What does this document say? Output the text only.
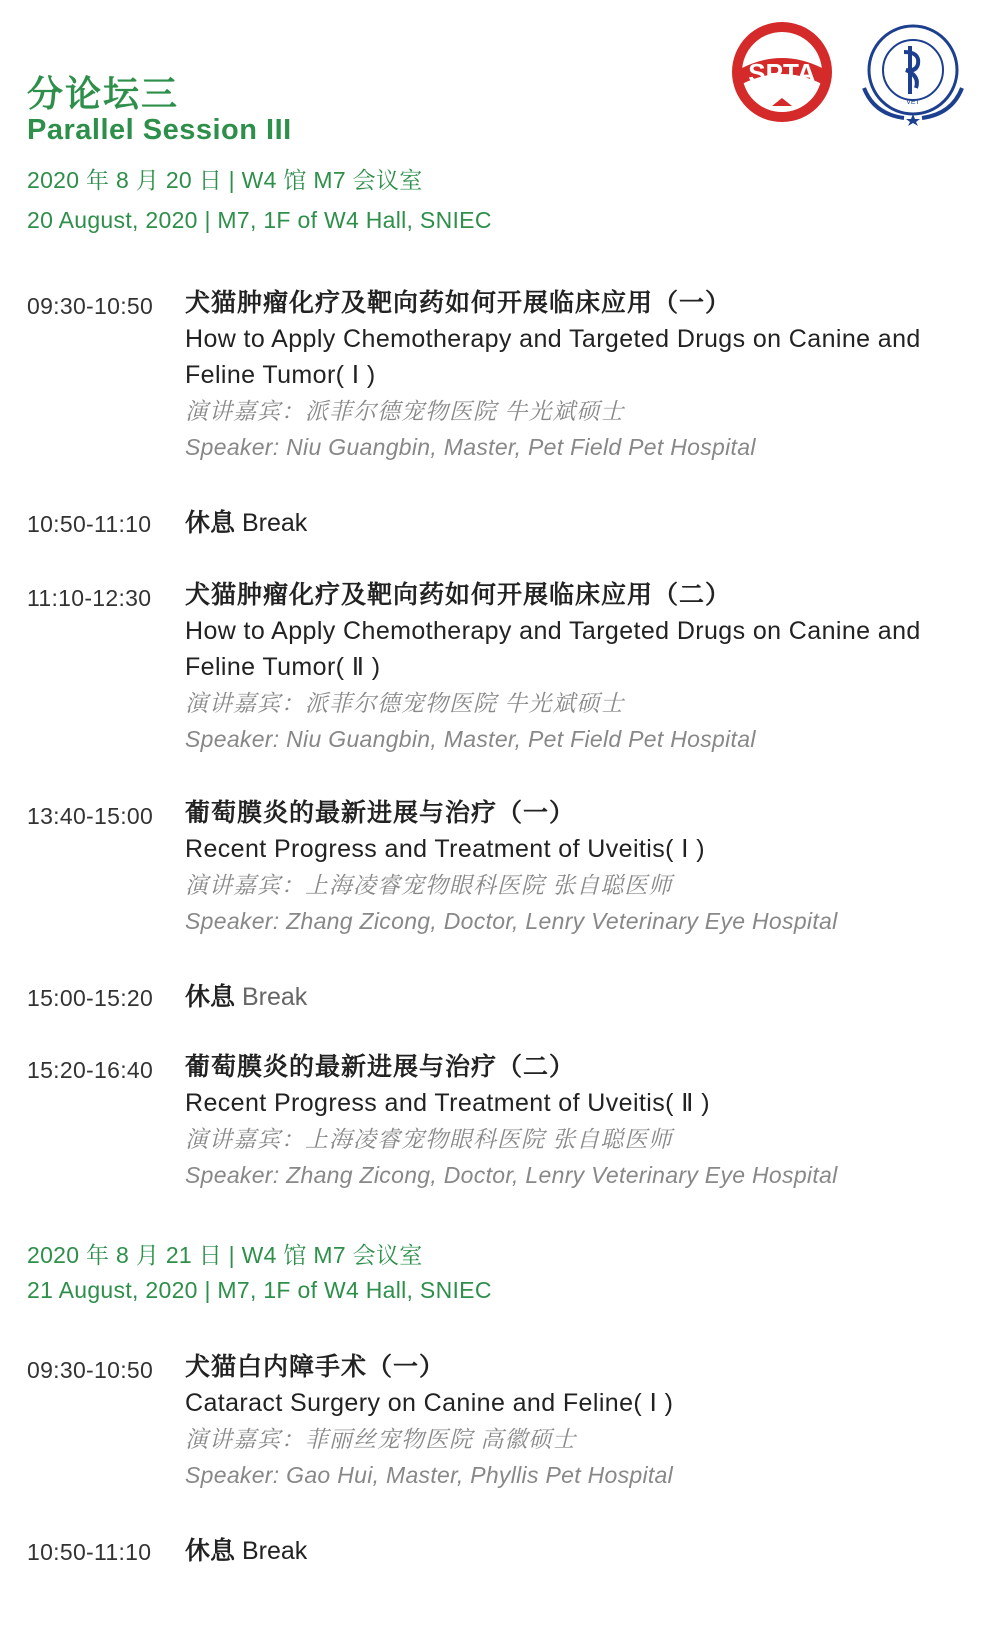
分论坛三
Parallel Session III
2020 年 8 月 20 日 | W4 馆 M7 会议室
20 August, 2020 | M7, 1F of W4 Hall, SNIEC
SPTA
VET
09:30-10:50 犬猫肿瘤化疗及靶向药如何开展临床应用（一）
How to Apply Chemotherapy and Targeted Drugs on Canine and Feline Tumor( Ⅰ )
演讲嘉宾：派菲尔德宠物医院 牛光斌硕士
Speaker: Niu Guangbin, Master, Pet Field Pet Hospital
10:50-11:10 休息 Break
11:10-12:30 犬猫肿瘤化疗及靶向药如何开展临床应用（二）
How to Apply Chemotherapy and Targeted Drugs on Canine and Feline Tumor( Ⅱ )
演讲嘉宾：派菲尔德宠物医院 牛光斌硕士
Speaker: Niu Guangbin, Master, Pet Field Pet Hospital
13:40-15:00 葡萄膜炎的最新进展与治疗（一）
Recent Progress and Treatment of Uveitis( Ⅰ )
演讲嘉宾：上海凌睿宠物眼科医院 张自聪医师
Speaker: Zhang Zicong, Doctor, Lenry Veterinary Eye Hospital
15:00-15:20 休息 Break
15:20-16:40 葡萄膜炎的最新进展与治疗（二）
Recent Progress and Treatment of Uveitis( Ⅱ )
演讲嘉宾：上海凌睿宠物眼科医院 张自聪医师
Speaker: Zhang Zicong, Doctor, Lenry Veterinary Eye Hospital
2020 年 8 月 21 日 | W4 馆 M7 会议室
21 August, 2020 | M7, 1F of W4 Hall, SNIEC
09:30-10:50 犬猫白内障手术（一）
Cataract Surgery on Canine and Feline( Ⅰ )
演讲嘉宾：菲丽丝宠物医院 高徽硕士
Speaker: Gao Hui, Master, Phyllis Pet Hospital
10:50-11:10 休息 Break
